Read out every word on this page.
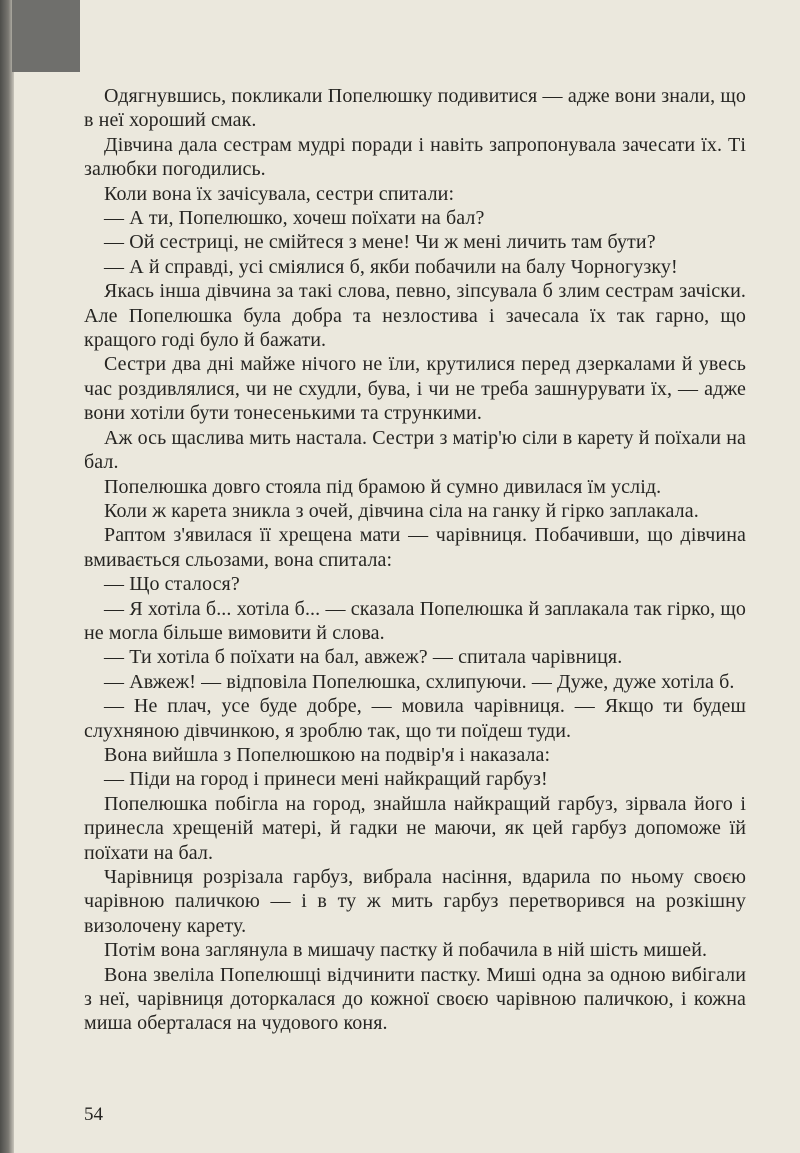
Одягнувшись, покликали Попелюшку подивитися — адже вони знали, що в неї хороший смак.

Дівчина дала сестрам мудрі поради і навіть запропонувала зачесати їх. Ті залюбки погодились.

Коли вона їх зачісувала, сестри спитали:

— А ти, Попелюшко, хочеш поїхати на бал?

— Ой сестриці, не смійтеся з мене! Чи ж мені личить там бути?

— А й справді, усі сміялися б, якби побачили на балу Чорногузку!

Якась інша дівчина за такі слова, певно, зіпсувала б злим сестрам зачіски. Але Попелюшка була добра та незлостива і зачесала їх так гарно, що кращого годі було й бажати.

Сестри два дні майже нічого не їли, крутилися перед дзеркалами й увесь час роздивлялися, чи не схудли, бува, і чи не треба зашнурувати їх, — адже вони хотіли бути тонесенькими та стрункими.

Аж ось щаслива мить настала. Сестри з матір'ю сіли в карету й поїхали на бал.

Попелюшка довго стояла під брамою й сумно дивилася їм услід.

Коли ж карета зникла з очей, дівчина сіла на ганку й гірко заплакала.

Раптом з'явилася її хрещена мати — чарівниця. Побачивши, що дівчина вмивається сльозами, вона спитала:

— Що сталося?

— Я хотіла б... хотіла б... — сказала Попелюшка й заплакала так гірко, що не могла більше вимовити й слова.

— Ти хотіла б поїхати на бал, авжеж? — спитала чарівниця.

— Авжеж! — відповіла Попелюшка, схлипуючи. — Дуже, дуже хотіла б.

— Не плач, усе буде добре, — мовила чарівниця. — Якщо ти будеш слухняною дівчинкою, я зроблю так, що ти поїдеш туди.

Вона вийшла з Попелюшкою на подвір'я і наказала:

— Піди на город і принеси мені найкращий гарбуз!

Попелюшка побігла на город, знайшла найкращий гарбуз, зірвала його і принесла хрещеній матері, й гадки не маючи, як цей гарбуз допоможе їй поїхати на бал.

Чарівниця розрізала гарбуз, вибрала насіння, вдарила по ньому своєю чарівною паличкою — і в ту ж мить гарбуз перетворився на розкішну визолочену карету.

Потім вона заглянула в мишачу пастку й побачила в ній шість мишей.

Вона звеліла Попелюшці відчинити пастку. Миші одна за одною вибігали з неї, чарівниця доторкалася до кожної своєю чарівною паличкою, і кожна миша оберталася на чудового коня.

54
